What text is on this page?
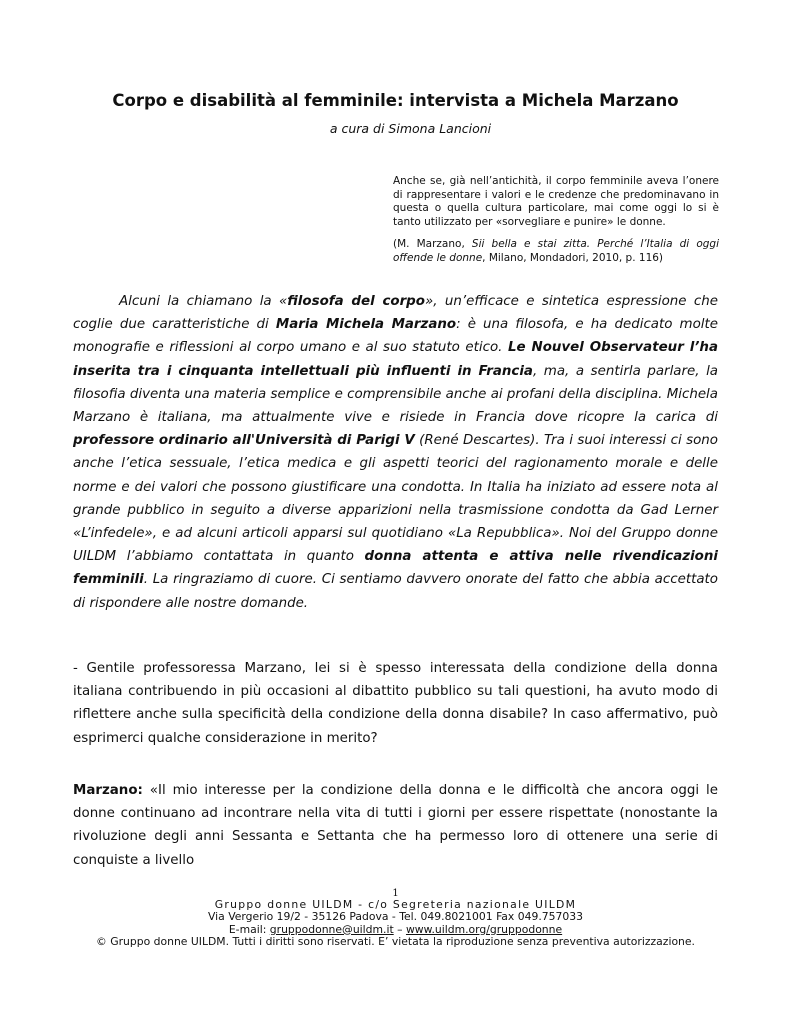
Corpo e disabilità al femminile: intervista a Michela Marzano
a cura di Simona Lancioni

Anche se, già nell’antichità, il corpo femminile aveva l’onere di rappresentare i valori e le credenze che predominavano in questa o quella cultura particolare, mai come oggi lo si è tanto utilizzato per «sorvegliare e punire» le donne.

(M. Marzano, Sii bella e stai zitta. Perché l’Italia di oggi offende le donne, Milano, Mondadori, 2010, p. 116)

Alcuni la chiamano la «filosofa del corpo», un’efficace e sintetica espressione che coglie due caratteristiche di Maria Michela Marzano: è una filosofa, e ha dedicato molte monografie e riflessioni al corpo umano e al suo statuto etico. Le Nouvel Observateur l’ha inserita tra i cinquanta intellettuali più influenti in Francia, ma, a sentirla parlare, la filosofia diventa una materia semplice e comprensibile anche ai profani della disciplina. Michela Marzano è italiana, ma attualmente vive e risiede in Francia dove ricopre la carica di professore ordinario all'Università di Parigi V (René Descartes). Tra i suoi interessi ci sono anche l’etica sessuale, l’etica medica e gli aspetti teorici del ragionamento morale e delle norme e dei valori che possono giustificare una condotta. In Italia ha iniziato ad essere nota al grande pubblico in seguito a diverse apparizioni nella trasmissione condotta da Gad Lerner «L’infedele», e ad alcuni articoli apparsi sul quotidiano «La Repubblica». Noi del Gruppo donne UILDM l’abbiamo contattata in quanto donna attenta e attiva nelle rivendicazioni femminili. La ringraziamo di cuore. Ci sentiamo davvero onorate del fatto che abbia accettato di rispondere alle nostre domande.
- Gentile professoressa Marzano, lei si è spesso interessata della condizione della donna italiana contribuendo in più occasioni al dibattito pubblico su tali questioni, ha avuto modo di riflettere anche sulla specificità della condizione della donna disabile? In caso affermativo, può esprimerci qualche considerazione in merito?
Marzano: «Il mio interesse per la condizione della donna e le difficoltà che ancora oggi le donne continuano ad incontrare nella vita di tutti i giorni per essere rispettate (nonostante la rivoluzione degli anni Sessanta e Settanta che ha permesso loro di ottenere una serie di conquiste a livello
1
Gruppo donne UILDM - c/o Segreteria nazionale UILDM
Via Vergerio 19/2 - 35126 Padova - Tel. 049.8021001 Fax 049.757033
E-mail: gruppodonne@uildm.it – www.uildm.org/gruppodonne
© Gruppo donne UILDM. Tutti i diritti sono riservati. E’ vietata la riproduzione senza preventiva autorizzazione.
